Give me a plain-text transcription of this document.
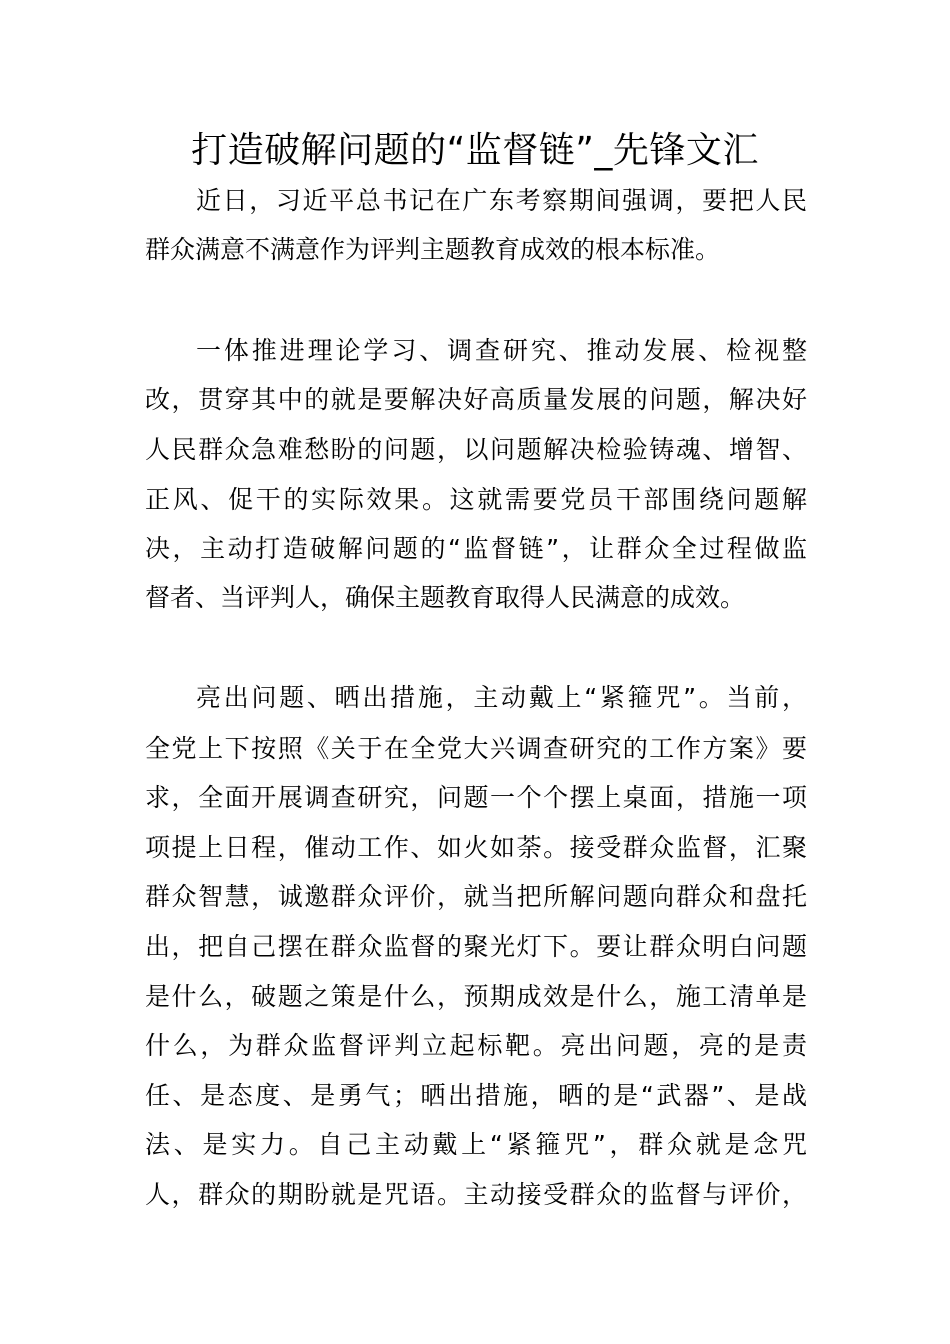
打造破解问题的“监督链”_先锋文汇

近日，习近平总书记在广东考察期间强调，要把人民

群众满意不满意作为评判主题教育成效的根本标准。

一体推进理论学习、调查研究、推动发展、检视整

改，贯穿其中的就是要解决好高质量发展的问题，解决好

人民群众急难愁盼的问题，以问题解决检验铸魂、增智、

正风、促干的实际效果。这就需要党员干部围绕问题解

决，主动打造破解问题的“监督链”，让群众全过程做监

督者、当评判人，确保主题教育取得人民满意的成效。

亮出问题、晒出措施，主动戴上“紧箍咒”。当前，

全党上下按照《关于在全党大兴调查研究的工作方案》要

求，全面开展调查研究，问题一个个摆上桌面，措施一项

项提上日程，催动工作、如火如荼。接受群众监督，汇聚

群众智慧，诚邀群众评价，就当把所解问题向群众和盘托

出，把自己摆在群众监督的聚光灯下。要让群众明白问题

是什么，破题之策是什么，预期成效是什么，施工清单是

什么，为群众监督评判立起标靶。亮出问题，亮的是责

任、是态度、是勇气；晒出措施，晒的是“武器”、是战

法、是实力。自己主动戴上“紧箍咒”，群众就是念咒

人，群众的期盼就是咒语。主动接受群众的监督与评价，
